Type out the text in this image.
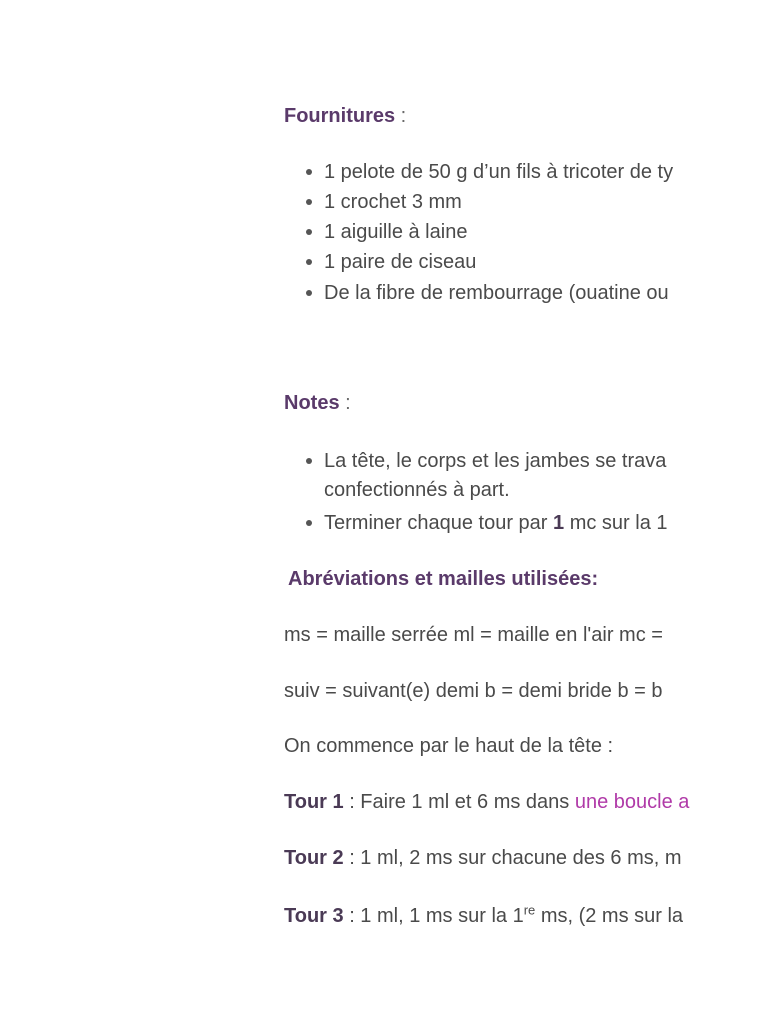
Fournitures :
1 pelote de 50 g d’un fils à tricoter de ty
1 crochet 3 mm
1 aiguille à laine
1 paire de ciseau
De la fibre de rembourrage (ouatine ou
Notes :
La tête, le corps et les jambes se trava
confectionnés à part.
Terminer chaque tour par 1 mc sur la 1
Abréviations et mailles utilisées:
ms = maille serrée ml = maille en l'air mc =
suiv = suivant(e) demi b = demi bride b = b
On commence par le haut de la tête :
Tour 1 : Faire 1 ml et 6 ms dans une boucle a
Tour 2 : 1 ml, 2 ms sur chacune des 6 ms, m
Tour 3 : 1 ml, 1 ms sur la 1re ms, (2 ms sur la
